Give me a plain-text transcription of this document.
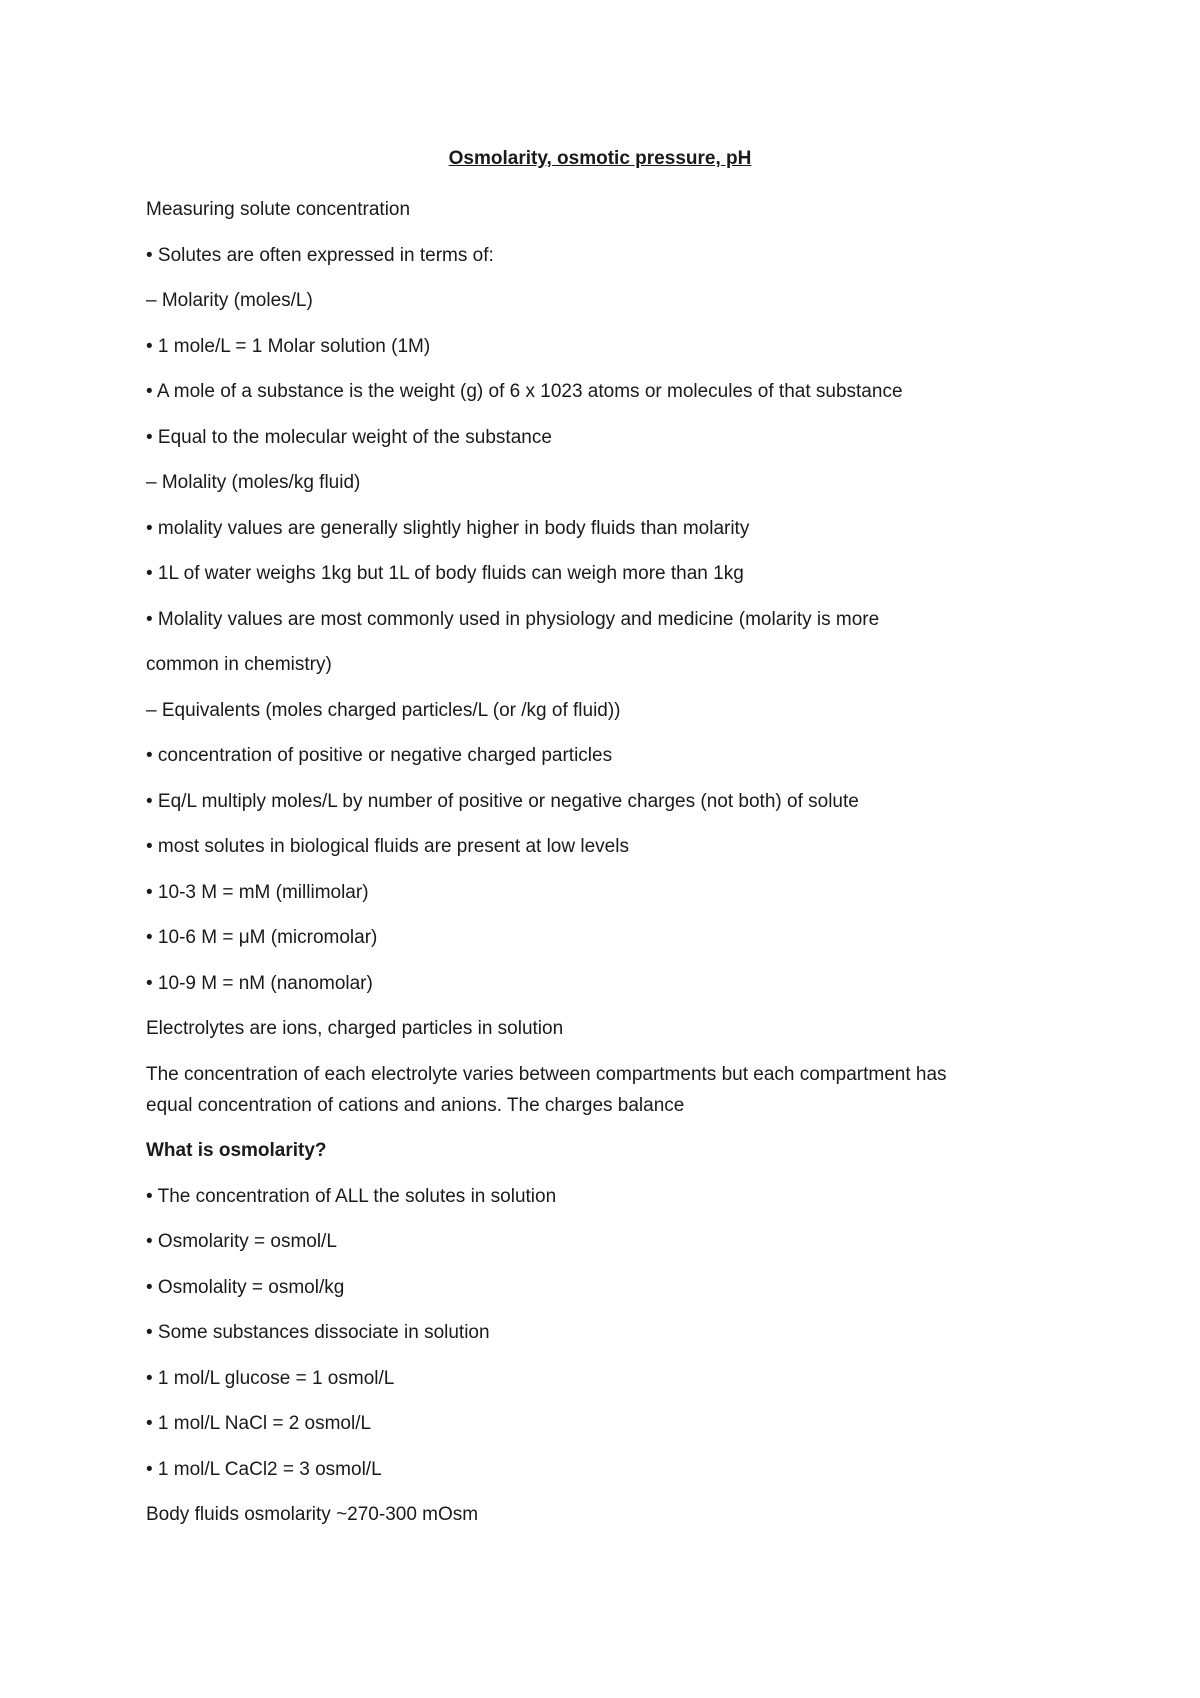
Osmolarity, osmotic pressure, pH

Measuring solute concentration

• Solutes are often expressed in terms of:

– Molarity (moles/L)

• 1 mole/L = 1 Molar solution (1M)

• A mole of a substance is the weight (g) of 6 x 1023 atoms or molecules of that substance

• Equal to the molecular weight of the substance

– Molality (moles/kg fluid)

• molality values are generally slightly higher in body fluids than molarity

• 1L of water weighs 1kg but 1L of body fluids can weigh more than 1kg

• Molality values are most commonly used in physiology and medicine (molarity is more

common in chemistry)

– Equivalents (moles charged particles/L (or /kg of fluid))

• concentration of positive or negative charged particles

• Eq/L multiply moles/L by number of positive or negative charges (not both) of solute

• most solutes in biological fluids are present at low levels

• 10-3 M = mM (millimolar)

• 10-6 M = μM (micromolar)

• 10-9 M = nM (nanomolar)

Electrolytes are ions, charged particles in solution

The concentration of each electrolyte varies between compartments but each compartment has

equal concentration of cations and anions. The charges balance

What is osmolarity?

• The concentration of ALL the solutes in solution

• Osmolarity = osmol/L

• Osmolality = osmol/kg

• Some substances dissociate in solution

• 1 mol/L glucose = 1 osmol/L

• 1 mol/L NaCl = 2 osmol/L

• 1 mol/L CaCl2 = 3 osmol/L

Body fluids osmolarity ~270-300 mOsm
